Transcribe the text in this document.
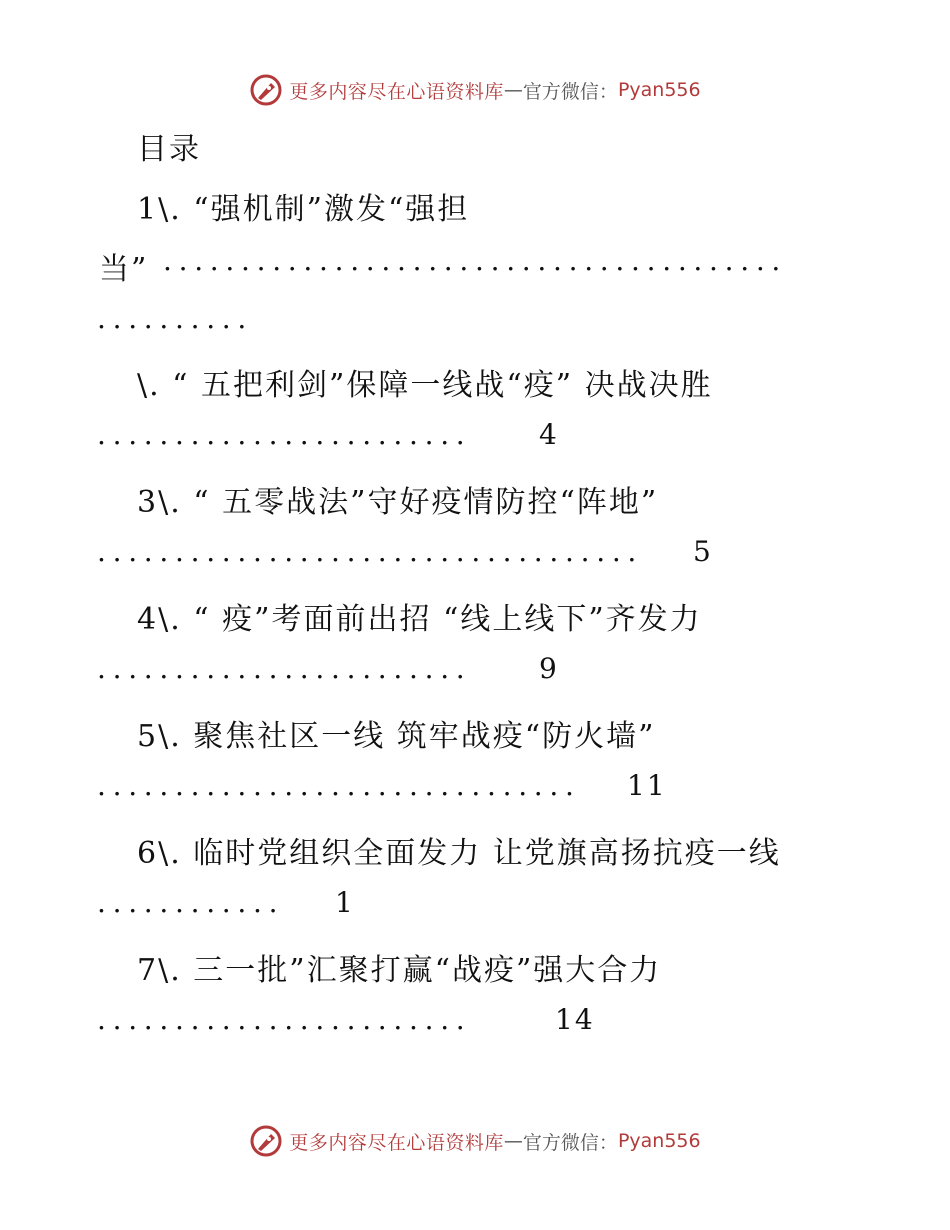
更多内容尽在心语资料库 — 官方微信： Pyan556
目录
1\. “强机制”激发“强担
当” ........................................
..........
\. “ 五把利剑”保障一线战“疫” 决战决胜
........................ 4
3\. “ 五零战法”守好疫情防控“阵地”
................................... 5
4\. “ 疫”考面前出招 “线上线下”齐发力
........................ 9
5\. 聚焦社区一线 筑牢战疫“防火墙”
............................... 11
6\. 临时党组织全面发力 让党旗高扬抗疫一线
............ 1
7\. 三一批”汇聚打赢“战疫”强大合力
........................	14
更多内容尽在心语资料库 — 官方微信： Pyan556
